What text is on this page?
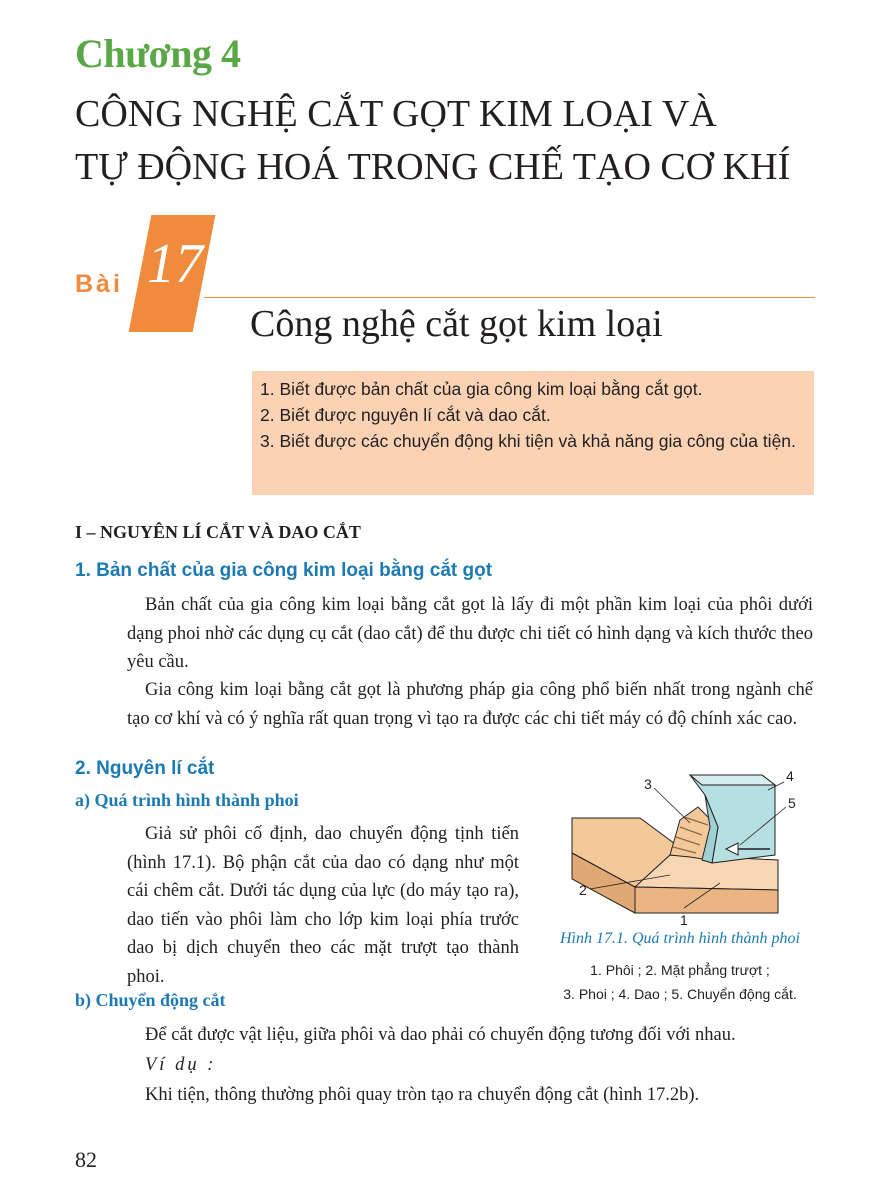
Chương 4
CÔNG NGHỆ CẮT GỌT KIM LOẠI VÀ
TỰ ĐỘNG HOÁ TRONG CHẾ TẠO CƠ KHÍ
Bài 17
Công nghệ cắt gọt kim loại
1. Biết được bản chất của gia công kim loại bằng cắt gọt.
2. Biết được nguyên lí cắt và dao cắt.
3. Biết được các chuyển động khi tiện và khả năng gia công của tiện.
I – NGUYÊN LÍ CẮT VÀ DAO CẮT
1. Bản chất của gia công kim loại bằng cắt gọt
Bản chất của gia công kim loại bằng cắt gọt là lấy đi một phần kim loại của phôi dưới dạng phoi nhờ các dụng cụ cắt (dao cắt) để thu được chi tiết có hình dạng và kích thước theo yêu cầu.
Gia công kim loại bằng cắt gọt là phương pháp gia công phổ biến nhất trong ngành chế tạo cơ khí và có ý nghĩa rất quan trọng vì tạo ra được các chi tiết máy có độ chính xác cao.
2. Nguyên lí cắt
a) Quá trình hình thành phoi
Giả sử phôi cố định, dao chuyển động tịnh tiến (hình 17.1). Bộ phận cắt của dao có dạng như một cái chêm cắt. Dưới tác dụng của lực (do máy tạo ra), dao tiến vào phôi làm cho lớp kim loại phía trước dao bị dịch chuyển theo các mặt trượt tạo thành phoi.
b) Chuyển động cắt
Để cắt được vật liệu, giữa phôi và dao phải có chuyển động tương đối với nhau.
Ví dụ :
Khi tiện, thông thường phôi quay tròn tạo ra chuyển động cắt (hình 17.2b).
1
2
3	4
5
Hình 17.1. Quá trình hình thành phoi
1. Phôi ; 2. Mặt phẳng trượt ;
3. Phoi ; 4. Dao ; 5. Chuyển động cắt.
82
